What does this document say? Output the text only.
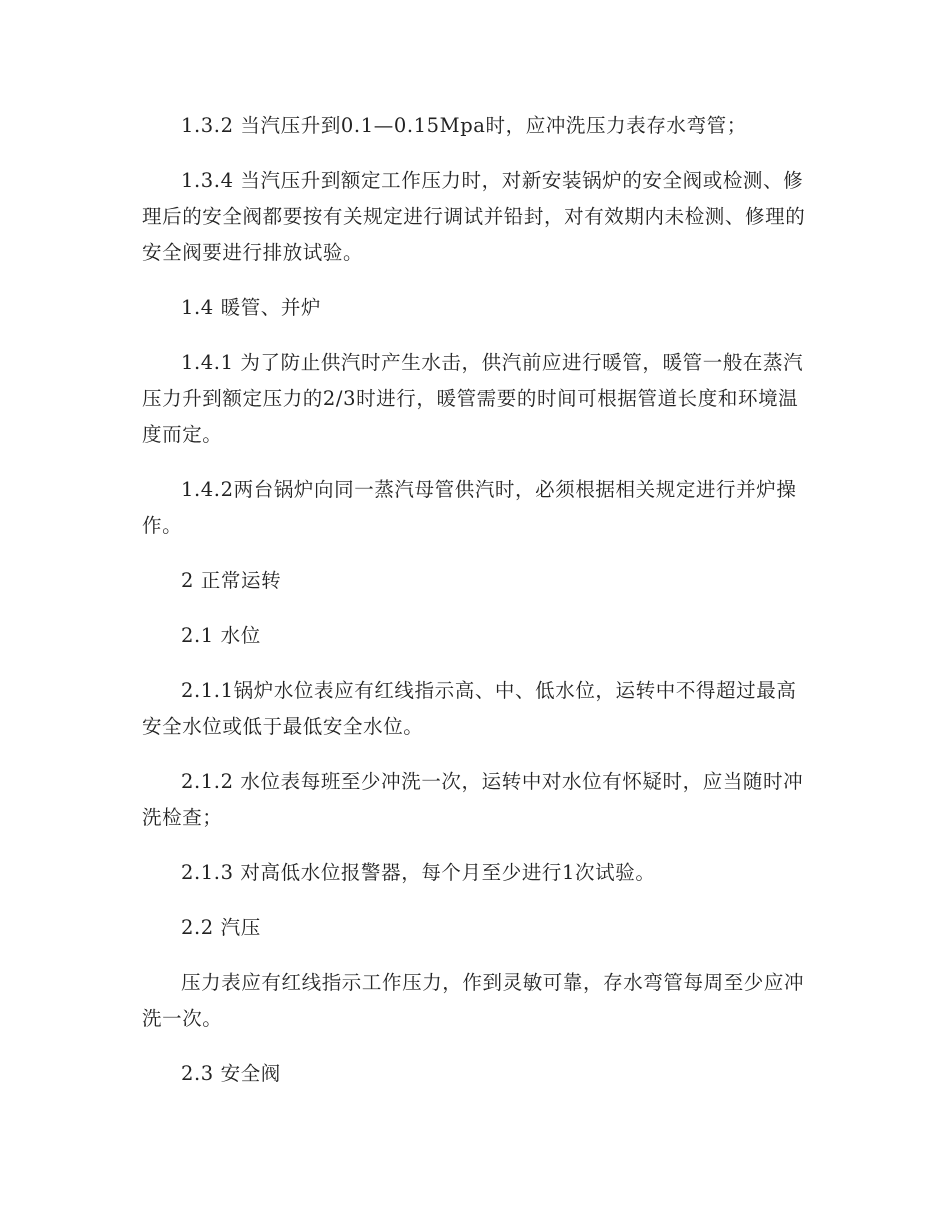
1.3.2 当汽压升到0.1—0.15Mpa时，应冲洗压力表存水弯管；

1.3.4 当汽压升到额定工作压力时，对新安装锅炉的安全阀或检测、修理后的安全阀都要按有关规定进行调试并铅封，对有效期内未检测、修理的安全阀要进行排放试验。

1.4 暖管、并炉

1.4.1 为了防止供汽时产生水击，供汽前应进行暖管，暖管一般在蒸汽压力升到额定压力的2/3时进行，暖管需要的时间可根据管道长度和环境温度而定。

1.4.2两台锅炉向同一蒸汽母管供汽时，必须根据相关规定进行并炉操作。

2 正常运转

2.1 水位

2.1.1锅炉水位表应有红线指示高、中、低水位，运转中不得超过最高安全水位或低于最低安全水位。

2.1.2 水位表每班至少冲洗一次，运转中对水位有怀疑时，应当随时冲洗检查；

2.1.3 对高低水位报警器，每个月至少进行1次试验。

2.2 汽压

压力表应有红线指示工作压力，作到灵敏可靠，存水弯管每周至少应冲洗一次。

2.3 安全阀
